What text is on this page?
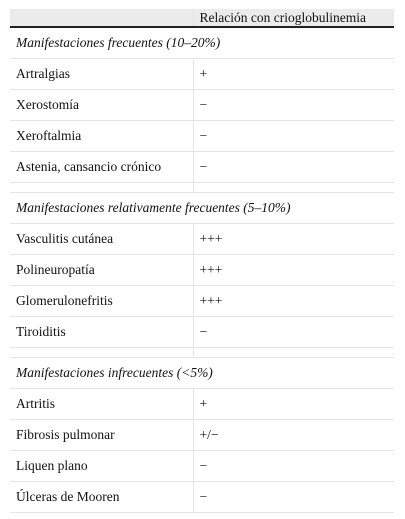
	Relación con crioglobulinemia
Manifestaciones frecuentes (10–20%)	
Artralgias	+
Xerostomía	−
Xeroftalmia	−
Astenia, cansancio crónico	−

Manifestaciones relativamente frecuentes (5–10%)	
Vasculitis cutánea	+++
Polineuropatía	+++
Glomerulonefritis	+++
Tiroiditis	−

Manifestaciones infrecuentes (<5%)	
Artritis	+
Fibrosis pulmonar	+/−
Liquen plano	−
Úlceras de Mooren	−
